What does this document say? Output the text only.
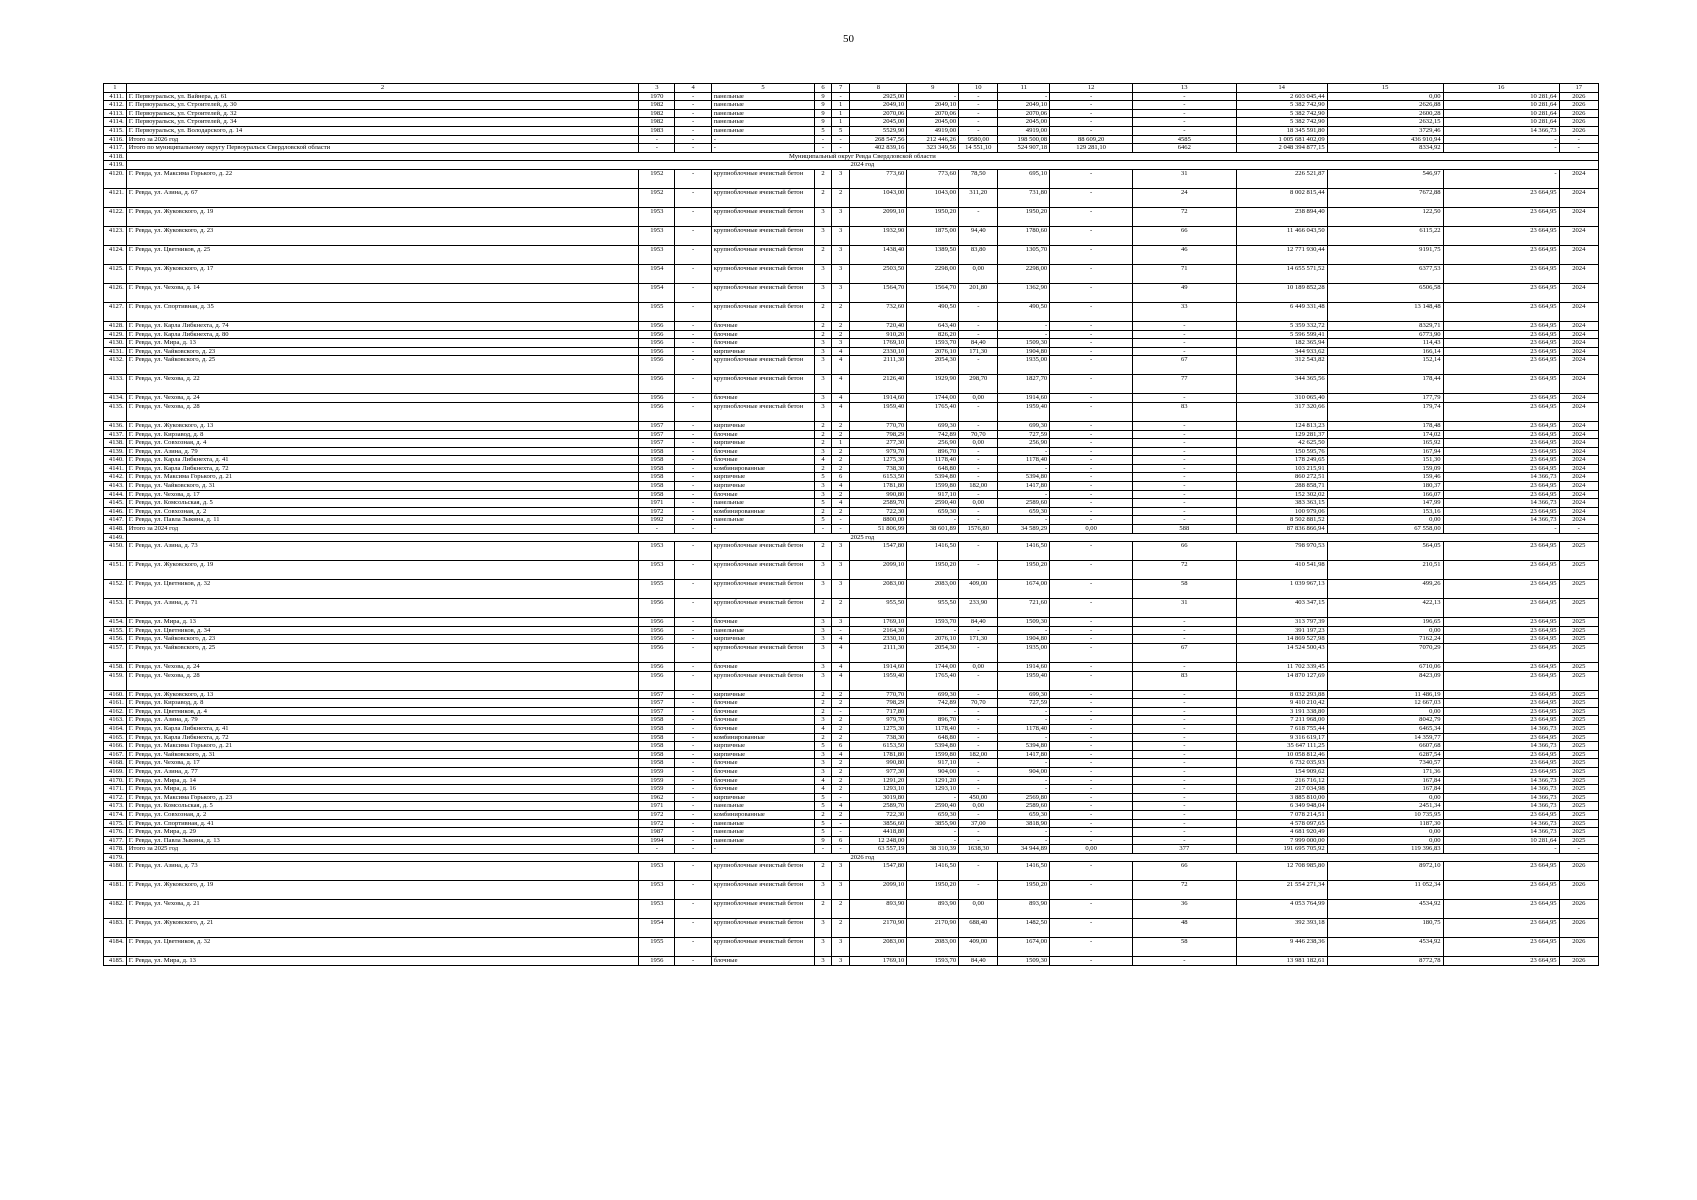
50
1	2	3	4	5	6	7	8	9	10	11	12	13	14	15	16	17
4111.	Г. Первоуральск, ул. Вайнера, д. 61	1970	-	панельные	9	-	2925,00	-	-	-	-	-	2 603 045,44	0,00	10 281,64	2026
4112.	Г. Первоуральск, ул. Строителей, д. 30	1982	-	панельные	9	1	2049,10	2049,10	-	2049,10	-	-	5 382 742,90	2626,88	10 281,64	2026
4113.	Г. Первоуральск, ул. Строителей, д. 32	1982	-	панельные	9	1	2070,06	2070,06	-	2070,06	-	-	5 382 742,90	2600,28	10 281,64	2026
4114.	Г. Первоуральск, ул. Строителей, д. 34	1982	-	панельные	9	1	2045,00	2045,00	-	2045,00	-	-	5 382 742,90	2632,15	10 281,64	2026
4115.	Г. Первоуральск, ул. Володарского, д. 14	1983	-	панельные	5	5	5529,90	4919,00	-	4919,00	-	-	18 345 591,80	3729,46	14 366,73	2026
4116.	Итого за 2026 год	-	-	-	-	-	268 547,56	212 446,26	9580,00	198 500,08	88 609,20	4585	1 005 681 402,09	436 910,94	-	-
4117.	Итого по муниципальному округу Первоуральск Свердловской области	-	-	-	-	-	402 839,16	323 349,56	14 551,10	524 907,18	129 281,10	6462	2 048 394 877,15	8334,92	-	-
4118.	Муниципальный округ Ревда Свердловской области															
4119.	2024 год															
4120.	Г. Ревда, ул. Максима Горького, д. 22	1952	-	крупноблочные ячеистый бетон	2	3	773,60	773,60	78,50	695,10	-	31	226 521,87	546,97	-	2024
4121.	Г. Ревда, ул. Азина, д. 67	1952	-	крупноблочные ячеистый бетон	2	2	1043,00	1043,00	311,20	731,80	-	24	8 002 815,44	7672,88	23 664,95	2024
4122.	Г. Ревда, ул. Жуковского, д. 19	1953	-	крупноблочные ячеистый бетон	3	3	2099,10	1950,20	-	1950,20	-	72	238 894,40	122,50	23 664,95	2024
4123.	Г. Ревда, ул. Жуковского, д. 23	1953	-	крупноблочные ячеистый бетон	3	3	1932,90	1875,00	94,40	1780,60	-	66	11 466 043,50	6115,22	23 664,95	2024
4124.	Г. Ревда, ул. Цветников, д. 25	1953	-	крупноблочные ячеистый бетон	2	3	1438,40	1389,50	83,80	1305,70	-	46	12 771 930,44	9191,75	23 664,95	2024
4125.	Г. Ревда, ул. Жуковского, д. 17	1954	-	крупноблочные ячеистый бетон	3	3	2503,50	2298,00	0,00	2298,00	-	71	14 655 571,52	6377,53	23 664,95	2024
4126.	Г. Ревда, ул. Чехова, д. 14	1954	-	крупноблочные ячеистый бетон	3	3	1564,70	1564,70	201,80	1362,90	-	49	10 189 852,28	6506,58	23 664,95	2024
4127.	Г. Ревда, ул. Спортивная, д. 35	1955	-	крупноблочные ячеистый бетон	2	2	732,60	490,50	-	490,50	-	33	6 449 331,48	13 148,48	23 664,95	2024
4128.	Г. Ревда, ул. Карла Либкнехта, д. 74	1956	-	блочные	2	2	720,40	643,40	-	-	-	-	5 359 332,72	8329,71	23 664,95	2024
4129.	Г. Ревда, ул. Карла Либкнехта, д. 80	1956	-	блочные	2	2	910,20	826,20	-	-	-	-	5 596 599,41	6773,90	23 664,95	2024
4130.	Г. Ревда, ул. Мира, д. 13	1956	-	блочные	3	3	1769,10	1593,70	84,40	1509,30	-	-	182 365,94	114,43	23 664,95	2024
4131.	Г. Ревда, ул. Чайковского, д. 23	1956	-	кирпичные	3	4	2330,10	2076,10	171,30	1904,80	-	-	344 933,62	166,14	23 664,95	2024
4132.	Г. Ревда, ул. Чайковского, д. 25	1956	-	крупноблочные ячеистый бетон	3	4	2111,30	2054,30	-	1935,00	-	67	312 543,82	152,14	23 664,95	2024
4133.	Г. Ревда, ул. Чехова, д. 22	1956	-	крупноблочные ячеистый бетон	3	4	2126,40	1929,90	298,70	1827,70	-	77	344 365,56	178,44	23 664,95	2024
4134.	Г. Ревда, ул. Чехова, д. 24	1956	-	блочные	3	4	1914,60	1744,00	0,00	1914,60	-	-	310 065,40	177,79	23 664,95	2024
4135.	Г. Ревда, ул. Чехова, д. 28	1956	-	крупноблочные ячеистый бетон	3	4	1959,40	1765,40	-	1959,40	-	83	317 320,66	179,74	23 664,95	2024
4136.	Г. Ревда, ул. Жуковского, д. 13	1957	-	кирпичные	2	2	770,70	699,30	-	699,30	-	-	124 813,23	178,48	23 664,95	2024
4137.	Г. Ревда, ул. Кирзавод, д. 8	1957	-	блочные	2	2	798,29	742,89	70,70	727,59	-	-	129 281,37	174,02	23 664,95	2024
4138.	Г. Ревда, ул. Совхозная, д. 4	1957	-	кирпичные	2	1	277,30	256,90	0,00	256,90	-	-	42 625,50	165,92	23 664,95	2024
4139.	Г. Ревда, ул. Азина, д. 79	1958	-	блочные	3	2	979,70	896,70	-	-	-	-	150 595,76	167,94	23 664,95	2024
4140.	Г. Ревда, ул. Карла Либкнехта, д. 41	1958	-	блочные	4	2	1275,30	1178,40	-	1178,40	-	-	178 249,65	151,30	23 664,95	2024
4141.	Г. Ревда, ул. Карла Либкнехта, д. 72	1958	-	комбинированные	2	2	738,30	648,80	-	-	-	-	103 215,91	159,09	23 664,95	2024
4142.	Г. Ревда, ул. Максима Горького, д. 21	1958	-	кирпичные	5	6	6153,50	5394,80	-	5394,80	-	-	860 272,51	159,46	14 366,73	2024
4143.	Г. Ревда, ул. Чайковского, д. 31	1958	-	кирпичные	3	4	1781,80	1599,80	182,00	1417,80	-	-	288 858,71	180,37	23 664,95	2024
4144.	Г. Ревда, ул. Чехова, д. 17	1958	-	блочные	3	2	990,80	917,10	-	-	-	-	152 302,02	166,07	23 664,95	2024
4145.	Г. Ревда, ул. Комсольская, д. 5	1971	-	панельные	5	4	2589,70	2590,40	0,00	2589,60	-	-	383 363,15	147,99	14 366,73	2024
4146.	Г. Ревда, ул. Совхозная, д. 2	1972	-	комбинированные	2	2	722,30	659,30	-	659,30	-	-	100 979,06	153,16	23 664,95	2024
4147.	Г. Ревда, ул. Павла Зыкина, д. 11	1992	-	панельные	5	-	8800,00	-	-	-	-	-	8 502 881,52	0,00	14 366,73	2024
4148.	Итого за 2024 год	-	-	-	-	-	51 806,99	38 601,89	1576,80	34 589,29	0,00	588	87 836 866,94	67 558,00	-	-
4149.	2025 год															
4150.	Г. Ревда, ул. Азина, д. 73	1953	-	крупноблочные ячеистый бетон	2	3	1547,80	1416,50	-	1416,50	-	66	798 970,53	564,05	23 664,95	2025
4151.	Г. Ревда, ул. Жуковского, д. 19	1953	-	крупноблочные ячеистый бетон	3	3	2099,10	1950,20	-	1950,20	-	72	410 541,98	210,51	23 664,95	2025
4152.	Г. Ревда, ул. Цветников, д. 32	1955	-	крупноблочные ячеистый бетон	3	3	2083,00	2083,00	409,00	1674,00	-	58	1 039 967,13	499,26	23 664,95	2025
4153.	Г. Ревда, ул. Азина, д. 71	1956	-	крупноблочные ячеистый бетон	2	2	955,50	955,50	233,90	721,60	-	31	403 347,15	422,13	23 664,95	2025
4154.	Г. Ревда, ул. Мира, д. 13	1956	-	блочные	3	3	1769,10	1593,70	84,40	1509,30	-	-	313 797,39	196,65	23 664,95	2025
4155.	Г. Ревда, ул. Цветников, д. 34	1956	-	панельные	3	-	2164,30	-	-	-	-	-	391 197,23	0,00	23 664,95	2025
4156.	Г. Ревда, ул. Чайковского, д. 23	1956	-	кирпичные	3	4	2330,10	2076,10	171,30	1904,80	-	-	14 869 527,98	7162,24	23 664,95	2025
4157.	Г. Ревда, ул. Чайковского, д. 25	1956	-	крупноблочные ячеистый бетон	3	4	2111,30	2054,30	-	1935,00	-	67	14 524 500,43	7070,29	23 664,95	2025
4158.	Г. Ревда, ул. Чехова, д. 24	1956	-	блочные	3	4	1914,60	1744,00	0,00	1914,60	-	-	11 702 339,45	6710,06	23 664,95	2025
4159.	Г. Ревда, ул. Чехова, д. 28	1956	-	крупноблочные ячеистый бетон	3	4	1959,40	1765,40	-	1959,40	-	83	14 870 127,69	8423,09	23 664,95	2025
4160.	Г. Ревда, ул. Жуковского, д. 13	1957	-	кирпичные	2	2	770,70	699,30	-	699,30	-	-	8 032 293,88	11 486,19	23 664,95	2025
4161.	Г. Ревда, ул. Кирзавод, д. 8	1957	-	блочные	2	2	798,29	742,89	70,70	727,59	-	-	9 410 210,42	12 667,03	23 664,95	2025
4162.	Г. Ревда, ул. Цветников, д. 4	1957	-	блочные	2	-	717,80	-	-	-	-	-	3 191 338,80	0,00	23 664,95	2025
4163.	Г. Ревда, ул. Азина, д. 79	1958	-	блочные	3	2	979,70	896,70	-	-	-	-	7 211 968,00	8042,79	23 664,95	2025
4164.	Г. Ревда, ул. Карла Либкнехта, д. 41	1958	-	блочные	4	2	1275,30	1178,40	-	1178,40	-	-	7 618 755,44	6465,34	14 366,73	2025
4165.	Г. Ревда, ул. Карла Либкнехта, д. 72	1958	-	комбинированные	2	2	738,30	648,80	-	-	-	-	9 316 619,17	14 359,77	23 664,95	2025
4166.	Г. Ревда, ул. Максима Горького, д. 21	1958	-	кирпичные	5	6	6153,50	5394,80	-	5394,80	-	-	35 647 111,25	6607,68	14 366,73	2025
4167.	Г. Ревда, ул. Чайковского, д. 31	1958	-	кирпичные	3	4	1781,80	1599,80	182,00	1417,80	-	-	10 058 812,46	6287,54	23 664,95	2025
4168.	Г. Ревда, ул. Чехова, д. 17	1958	-	блочные	3	2	990,80	917,10	-	-	-	-	6 732 035,93	7340,57	23 664,95	2025
4169.	Г. Ревда, ул. Азина, д. 77	1959	-	блочные	3	2	977,30	904,00	-	904,00	-	-	154 909,62	171,36	23 664,95	2025
4170.	Г. Ревда, ул. Мира, д. 14	1959	-	блочные	4	2	1291,20	1291,20	-	-	-	-	216 716,12	167,84	14 366,73	2025
4171.	Г. Ревда, ул. Мира, д. 16	1959	-	блочные	4	2	1293,10	1293,10	-	-	-	-	217 034,98	167,84	14 366,73	2025
4172.	Г. Ревда, ул. Максима Горького, д. 23	1962	-	кирпичные	5	-	3019,80	-	450,00	2569,80	-	-	3 885 810,00	0,00	14 366,73	2025
4173.	Г. Ревда, ул. Комсольская, д. 5	1971	-	панельные	5	4	2589,70	2590,40	0,00	2589,60	-	-	6 349 948,04	2451,34	14 366,73	2025
4174.	Г. Ревда, ул. Совхозная, д. 2	1972	-	комбинированные	2	2	722,30	659,30	-	659,30	-	-	7 078 214,51	10 735,95	23 664,95	2025
4175.	Г. Ревда, ул. Спортивная, д. 41	1972	-	панельные	5	-	3856,60	3855,90	37,00	3818,90	-	-	4 578 097,65	1187,30	14 366,73	2025
4176.	Г. Ревда, ул. Мира, д. 29	1987	-	панельные	5	-	4418,80	-	-	-	-	-	4 681 920,49	0,00	14 366,73	2025
4177.	Г. Ревда, ул. Павла Зыкина, д. 13	1994	-	панельные	9	6	12 248,00	-	-	-	-	-	7 999 000,00	0,00	10 281,64	2025
4178.	Итого за 2025 год	-	-	-	-	-	63 557,19	38 310,39	1638,30	34 944,89	0,00	377	191 695 705,92	119 396,83	-	-
4179.	2026 год															
4180.	Г. Ревда, ул. Азина, д. 73	1953	-	крупноблочные ячеистый бетон	2	3	1547,80	1416,50	-	1416,50	-	66	12 708 985,80	8972,10	23 664,95	2026
4181.	Г. Ревда, ул. Жуковского, д. 19	1953	-	крупноблочные ячеистый бетон	3	3	2099,10	1950,20	-	1950,20	-	72	21 554 271,34	11 052,34	23 664,95	2026
4182.	Г. Ревда, ул. Чехова, д. 21	1953	-	крупноблочные ячеистый бетон	2	2	893,90	893,90	0,00	893,90	-	36	4 053 764,99	4534,92	23 664,95	2026
4183.	Г. Ревда, ул. Жуковского, д. 21	1954	-	крупноблочные ячеистый бетон	3	2	2170,90	2170,90	688,40	1482,50	-	48	392 393,18	180,75	23 664,95	2026
4184.	Г. Ревда, ул. Цветников, д. 32	1955	-	крупноблочные ячеистый бетон	3	3	2083,00	2083,00	409,00	1674,00	-	58	9 446 238,36	4534,92	23 664,95	2026
4185.	Г. Ревда, ул. Мира, д. 13	1956	-	блочные	3	3	1769,10	1593,70	84,40	1509,30	-	-	13 981 182,61	8772,78	23 664,95	2026
